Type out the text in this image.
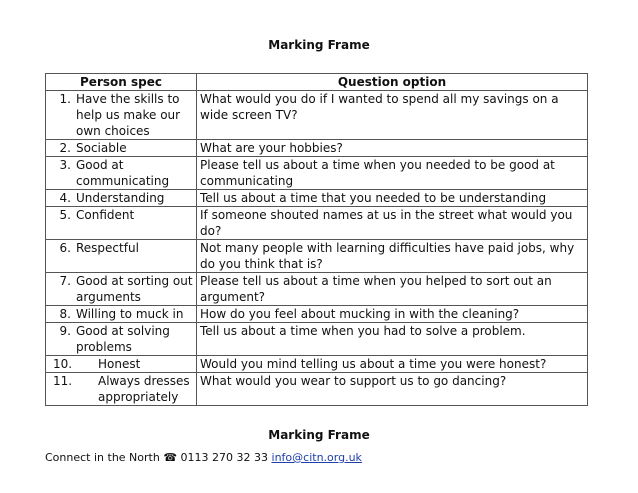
Marking Frame
Person spec	Question option

1. Have the skills to help us make our own choices	What would you do if I wanted to spend all my savings on a wide screen TV?

2. Sociable	What are your hobbies?

3. Good at communicating	Please tell us about a time when you needed to be good at communicating

4. Understanding	Tell us about a time that you needed to be understanding

5. Confident	If someone shouted names at us in the street what would you do?

6. Respectful	Not many people with learning difficulties have paid jobs, why do you think that is?

7. Good at sorting out arguments	Please tell us about a time when you helped to sort out an argument?

8. Willing to muck in	How do you feel about mucking in with the cleaning?

9. Good at solving problems	Tell us about a time when you had to solve a problem.

10. Honest	Would you mind telling us about a time you were honest?

11. Always dresses appropriately	What would you wear to support us to go dancing?
Marking Frame
Connect in the North ☎ 0113 270 32 33 info@citn.org.uk
